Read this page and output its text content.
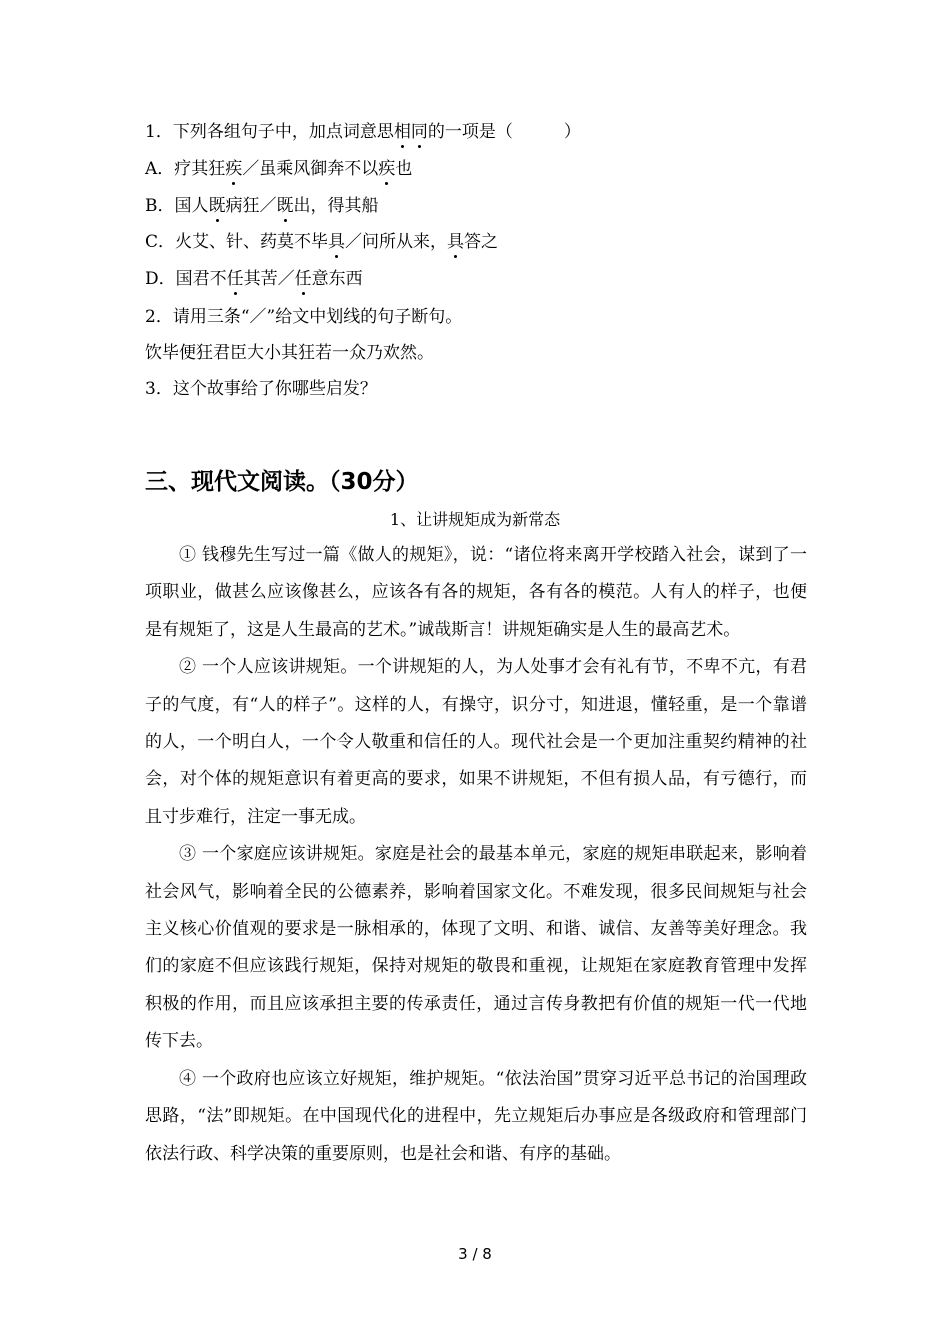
1．下列各组句子中，加点词意思相同的一项是（　　　）
A．疗其狂疾／虽乘风御奔不以疾也
B．国人既病狂／既出，得其船
C．火艾、针、药莫不毕具／问所从来，具答之
D．国君不任其苦／任意东西
2．请用三条“／”给文中划线的句子断句。
饮毕便狂君臣大小其狂若一众乃欢然。
3．这个故事给了你哪些启发？
三、现代文阅读。（30分）
1、让讲规矩成为新常态

① 钱穆先生写过一篇《做人的规矩》，说：“诸位将来离开学校踏入社会，谋到了一项职业，做甚么应该像甚么，应该各有各的规矩，各有各的模范。人有人的样子，也便是有规矩了，这是人生最高的艺术。”诚哉斯言！讲规矩确实是人生的最高艺术。

② 一个人应该讲规矩。一个讲规矩的人，为人处事才会有礼有节，不卑不亢，有君子的气度，有“人的样子”。这样的人，有操守，识分寸，知进退，懂轻重，是一个靠谱的人，一个明白人，一个令人敬重和信任的人。现代社会是一个更加注重契约精神的社会，对个体的规矩意识有着更高的要求，如果不讲规矩，不但有损人品，有亏德行，而且寸步难行，注定一事无成。

③ 一个家庭应该讲规矩。家庭是社会的最基本单元，家庭的规矩串联起来，影响着社会风气，影响着全民的公德素养，影响着国家文化。不难发现，很多民间规矩与社会主义核心价值观的要求是一脉相承的，体现了文明、和谐、诚信、友善等美好理念。我们的家庭不但应该践行规矩，保持对规矩的敬畏和重视，让规矩在家庭教育管理中发挥积极的作用，而且应该承担主要的传承责任，通过言传身教把有价值的规矩一代一代地传下去。

④ 一个政府也应该立好规矩，维护规矩。“依法治国”贯穿习近平总书记的治国理政思路，“法”即规矩。在中国现代化的进程中，先立规矩后办事应是各级政府和管理部门依法行政、科学决策的重要原则，也是社会和谐、有序的基础。

3 / 8
